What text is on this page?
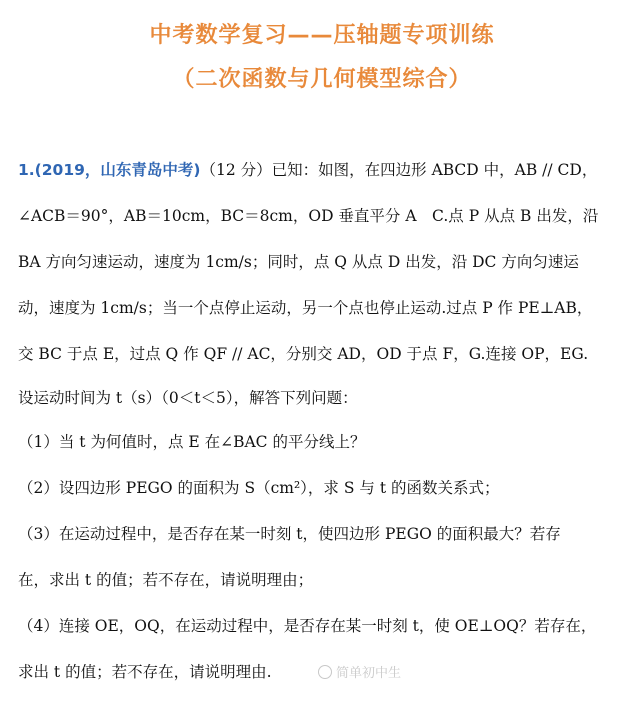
中考数学复习——压轴题专项训练
（二次函数与几何模型综合）
1.(2019，山东青岛中考)（12 分）已知：如图，在四边形 ABCD 中，AB // CD，
∠ACB＝90°，AB＝10cm，BC＝8cm，OD 垂直平分 A　C.点 P 从点 B 出发，沿
BA 方向匀速运动，速度为 1cm/s；同时，点 Q 从点 D 出发，沿 DC 方向匀速运
动，速度为 1cm/s；当一个点停止运动，另一个点也停止运动.过点 P 作 PE⊥AB，
交 BC 于点 E，过点 Q 作 QF // AC，分别交 AD，OD 于点 F，G.连接 OP，EG.
设运动时间为 t（s）（0＜t＜5），解答下列问题：
（1）当 t 为何值时，点 E 在∠BAC 的平分线上？
（2）设四边形 PEGO 的面积为 S（cm²），求 S 与 t 的函数关系式；
（3）在运动过程中，是否存在某一时刻 t，使四边形 PEGO 的面积最大？若存
在，求出 t 的值；若不存在，请说明理由；
（4）连接 OE，OQ，在运动过程中，是否存在某一时刻 t，使 OE⊥OQ？若存在，
求出 t 的值；若不存在，请说明理由.	简单初中生
